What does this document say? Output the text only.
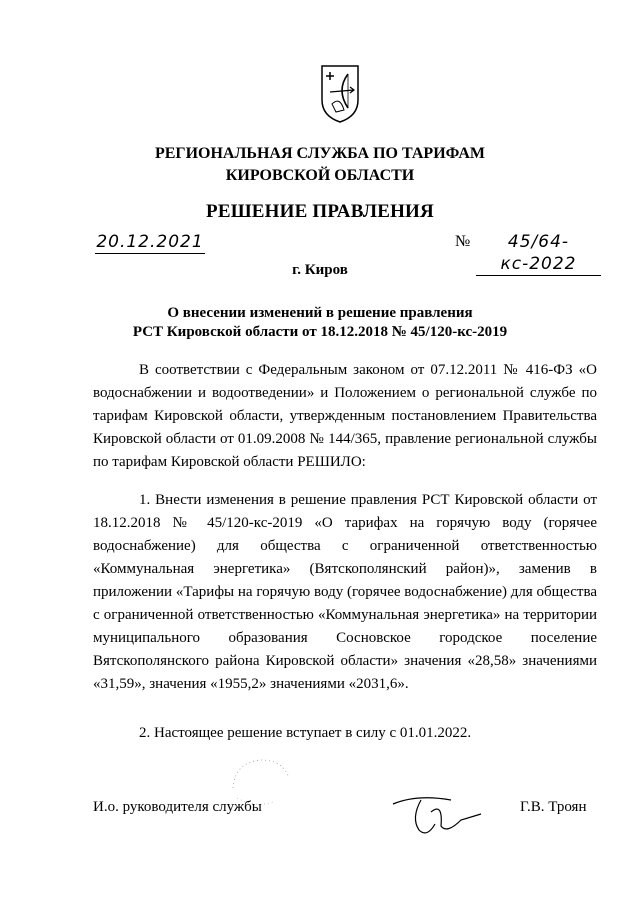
РЕГИОНАЛЬНАЯ СЛУЖБА ПО ТАРИФАМ
КИРОВСКОЙ ОБЛАСТИ
РЕШЕНИЕ ПРАВЛЕНИЯ
20.12.2021	№	45/64-кс-2022
г. Киров
О внесении изменений в решение правления
РСТ Кировской области от 18.12.2018 № 45/120-кс-2019
В соответствии с Федеральным законом от 07.12.2011 № 416-ФЗ «О водоснабжении и водоотведении» и Положением о региональной службе по тарифам Кировской области, утвержденным постановлением Правительства Кировской области от 01.09.2008 № 144/365, правление региональной службы по тарифам Кировской области РЕШИЛО:
1. Внести изменения в решение правления РСТ Кировской области от 18.12.2018 № 45/120-кс-2019 «О тарифах на горячую воду (горячее водоснабжение) для общества с ограниченной ответственностью «Коммунальная энергетика» (Вятскополянский район)», заменив в приложении «Тарифы на горячую воду (горячее водоснабжение) для общества с ограниченной ответственностью «Коммунальная энергетика» на территории муниципального образования Сосновское городское поселение Вятскополянского района Кировской области» значения «28,58» значениями «31,59», значения «1955,2» значениями «2031,6».
2. Настоящее решение вступает в силу с 01.01.2022.
И.о. руководителя службы	Г.В. Троян
